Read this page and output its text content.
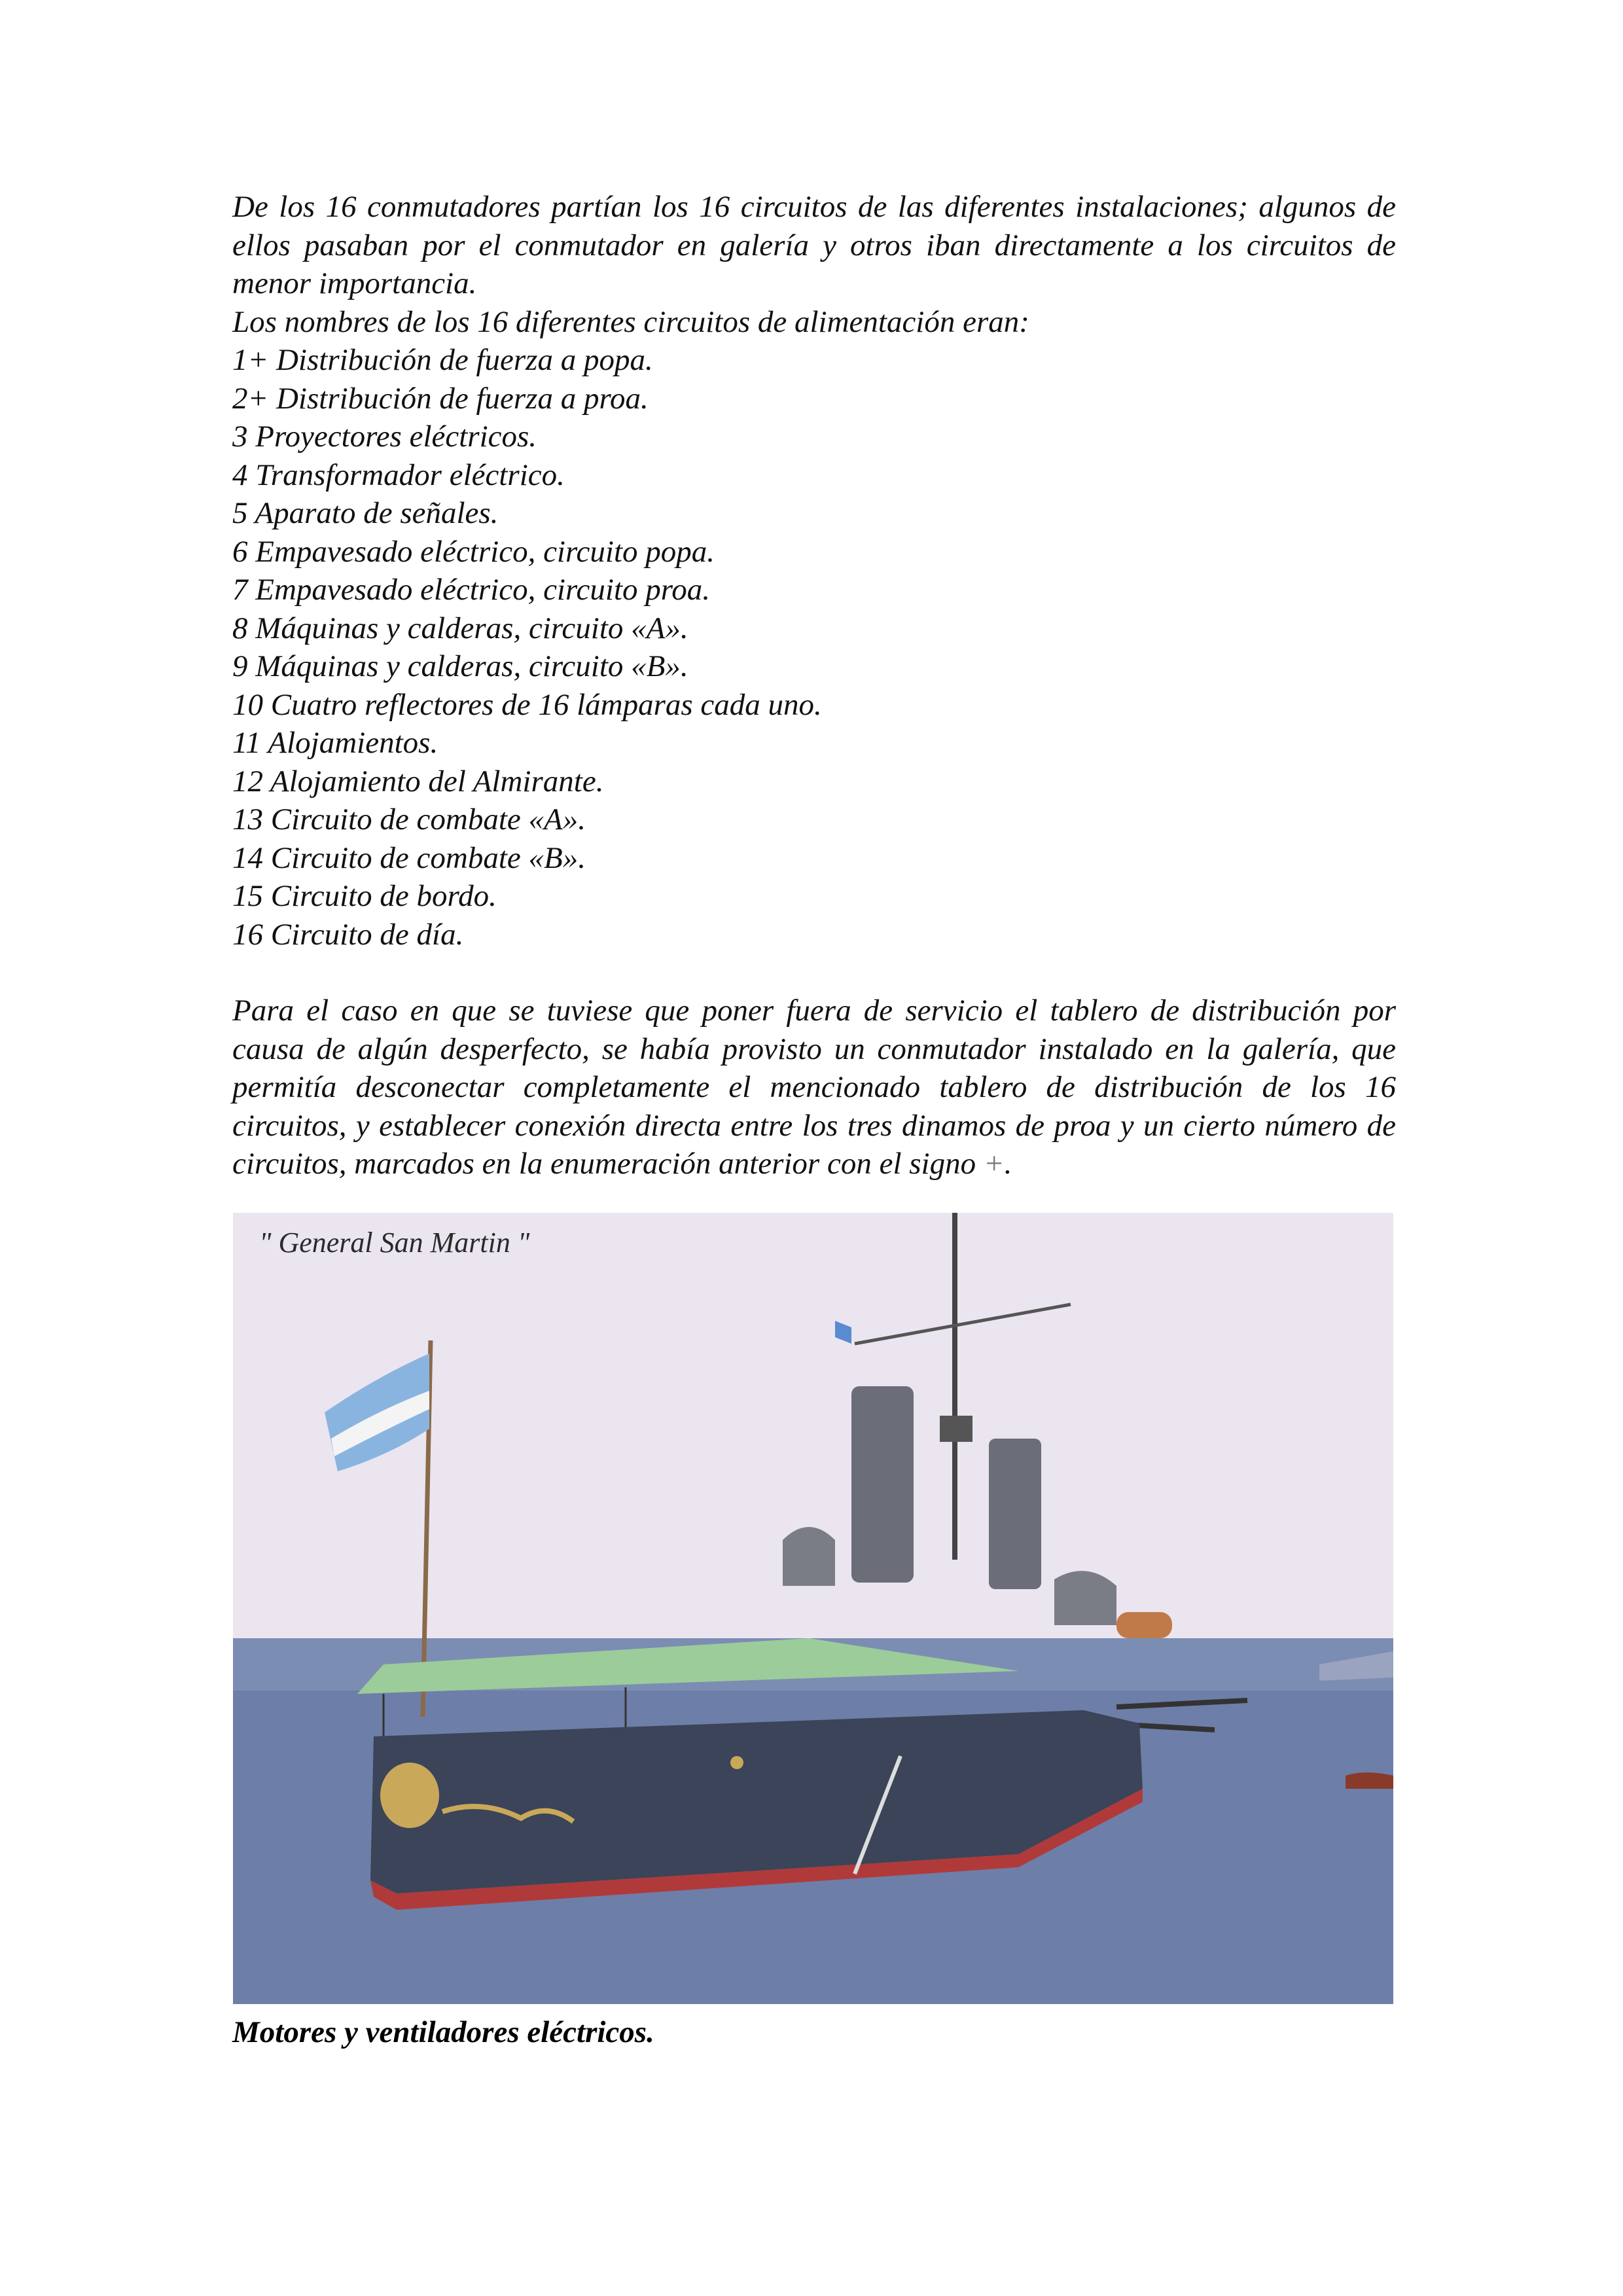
De los 16 conmutadores partían los 16 circuitos de las diferentes instalaciones; algunos de ellos pasaban por el conmutador en galería y otros iban directamente a los circuitos de menor importancia.

Los nombres de los 16 diferentes circuitos de alimentación eran:

1+ Distribución de fuerza a popa.
2+ Distribución de fuerza a proa.
3 Proyectores eléctricos.
4 Transformador eléctrico.
5 Aparato de señales.
6 Empavesado eléctrico, circuito popa.
7 Empavesado eléctrico, circuito proa.
8 Máquinas y calderas, circuito «A».
9 Máquinas y calderas, circuito «B».
10 Cuatro reflectores de 16 lámparas cada uno.
11 Alojamientos.
12 Alojamiento del Almirante.
13 Circuito de combate «A».
14 Circuito de combate «B».
15 Circuito de bordo.
16 Circuito de día.

Para el caso en que se tuviese que poner fuera de servicio el tablero de distribución por causa de algún desperfecto, se había provisto un conmutador instalado en la galería, que permitía desconectar completamente el mencionado tablero de distribución de los 16 circuitos, y establecer conexión directa entre los tres dinamos de proa y un cierto número de circuitos, marcados en la enumeración anterior con el signo +.

" General San Martin "
Motores y ventiladores eléctricos.
